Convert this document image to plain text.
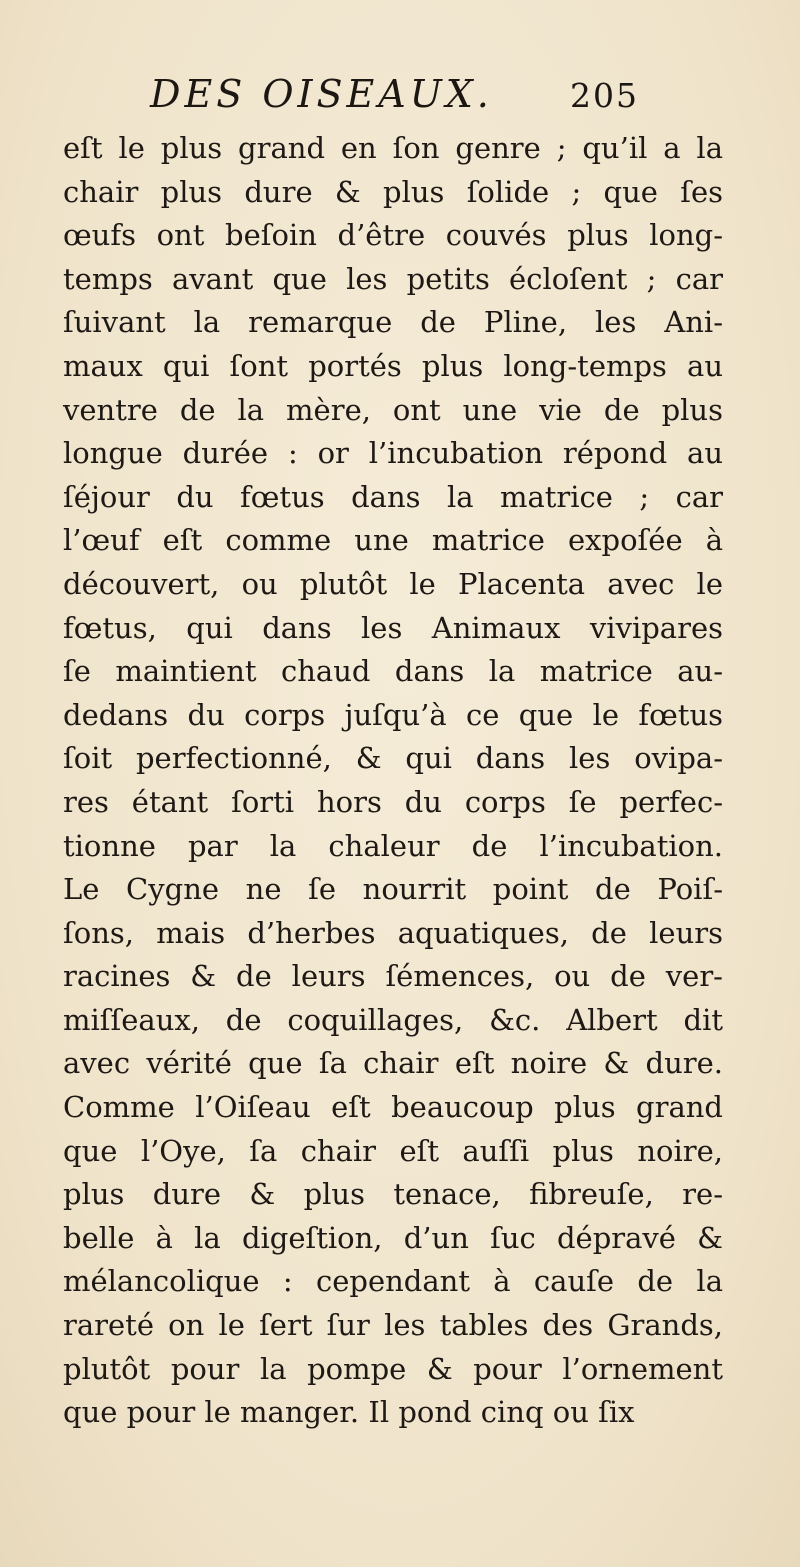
DES OISEAUX. 205
eſt le plus grand en ſon genre ; qu’il a la
chair plus dure & plus ſolide ; que ſes
œufs ont beſoin d’être couvés plus long-
temps avant que les petits écloſent ; car
ſuivant la remarque de Pline, les Ani-
maux qui ſont portés plus long-temps au
ventre de la mère, ont une vie de plus
longue durée : or l’incubation répond au
ſéjour du fœtus dans la matrice ; car
l’œuf eſt comme une matrice expoſée à
découvert, ou plutôt le Placenta avec le
fœtus, qui dans les Animaux vivipares
ſe maintient chaud dans la matrice au-
dedans du corps juſqu’à ce que le fœtus
ſoit perfectionné, & qui dans les ovipa-
res étant ſorti hors du corps ſe perfec-
tionne par la chaleur de l’incubation.
Le Cygne ne ſe nourrit point de Poiſ-
ſons, mais d’herbes aquatiques, de leurs
racines & de leurs ſémences, ou de ver-
miſſeaux, de coquillages, &c. Albert dit
avec vérité que ſa chair eſt noire & dure.
Comme l’Oiſeau eſt beaucoup plus grand
que l’Oye, ſa chair eſt auſſi plus noire,
plus dure & plus tenace, fibreuſe, re-
belle à la digeſtion, d’un ſuc dépravé &
mélancolique : cependant à cauſe de la
rareté on le ſert ſur les tables des Grands,
plutôt pour la pompe & pour l’ornement
que pour le manger. Il pond cinq ou ſix
